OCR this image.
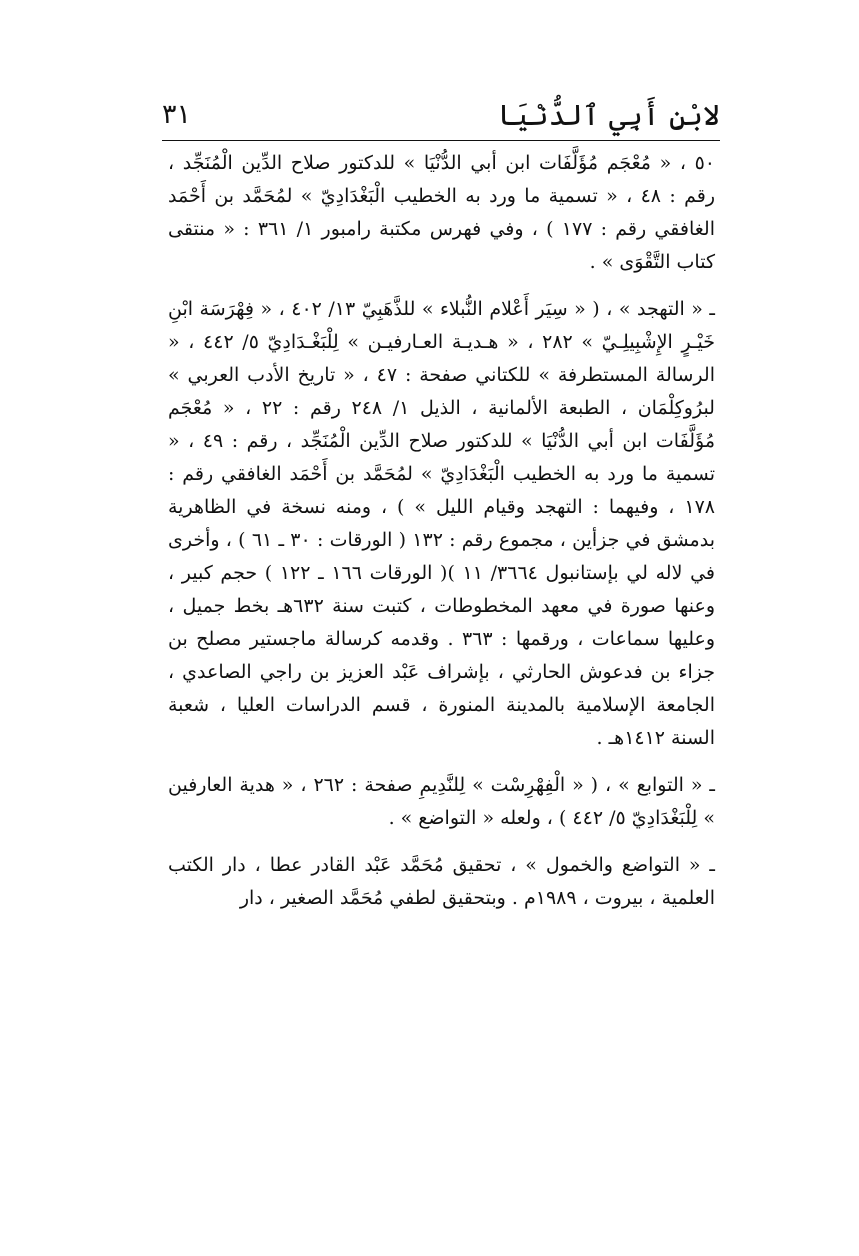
لابْنِ أَبِي ٱلدُّنْيَا
٣١

٥٠ ، « مُعْجَم مُؤَلَّفَات ابن أبي الدُّنْيَا » للدكتور صلاح الدِّين الْمُنَجِّد ، رقم : ٤٨ ، « تسمية ما ورد به الخطيب الْبَغْدَادِيّ » لمُحَمَّد بن أَحْمَد الغافقي رقم : ١٧٧ ) ، وفي فهرس مكتبة رامبور ١/ ٣٦١ : « منتقى كتاب التَّقْوَى » .

ـ « التهجد » ، ( « سِيَر أَعْلام النُّبلاء » للذَّهَبِيّ ١٣/ ٤٠٢ ، « فِهْرَسَة ابْنِ خَيْـرٍ الإِشْبِيلِـيّ » ٢٨٢ ، « هـديـة العـارفيـن » لِلْبَغْـدَادِيّ ٥/ ٤٤٢ ، « الرسالة المستطرفة » للكتاني صفحة : ٤٧ ، « تاريخ الأدب العربي » لبرُوكِلْمَان ، الطبعة الألمانية ، الذيل ١/ ٢٤٨ رقم : ٢٢ ، « مُعْجَم مُؤَلَّفَات ابن أبي الدُّنْيَا » للدكتور صلاح الدِّين الْمُنَجِّد ، رقم : ٤٩ ، « تسمية ما ورد به الخطيب الْبَغْدَادِيّ » لمُحَمَّد بن أَحْمَد الغافقي رقم : ١٧٨ ، وفيهما : التهجد وقيام الليل » ) ، ومنه نسخة في الظاهرية بدمشق في جزأين ، مجموع رقم : ١٣٢ ( الورقات : ٣٠ ـ ٦١ ) ، وأخرى في لاله لي بإستانبول ٣٦٦٤/ ١١ )( الورقات ١٦٦ ـ ١٢٢ ) حجم كبير ، وعنها صورة في معهد المخطوطات ، كتبت سنة ٦٣٢هـ بخط جميل ، وعليها سماعات ، ورقمها : ٣٦٣ . وقدمه كرسالة ماجستير مصلح بن جزاء بن فدعوش الحارثي ، بإشراف عَبْد العزيز بن راجي الصاعدي ، الجامعة الإسلامية بالمدينة المنورة ، قسم الدراسات العليا ، شعبة السنة ١٤١٢هـ .

ـ « التوابع » ، ( « الْفِهْرِسْت » لِلنَّدِيمِ صفحة : ٢٦٢ ، « هدية العارفين » لِلْبَغْدَادِيّ ٥/ ٤٤٢ ) ، ولعله « التواضع » .

ـ « التواضع والخمول » ، تحقيق مُحَمَّد عَبْد القادر عطا ، دار الكتب العلمية ، بيروت ، ١٩٨٩م . وبتحقيق لطفي مُحَمَّد الصغير ، دار
